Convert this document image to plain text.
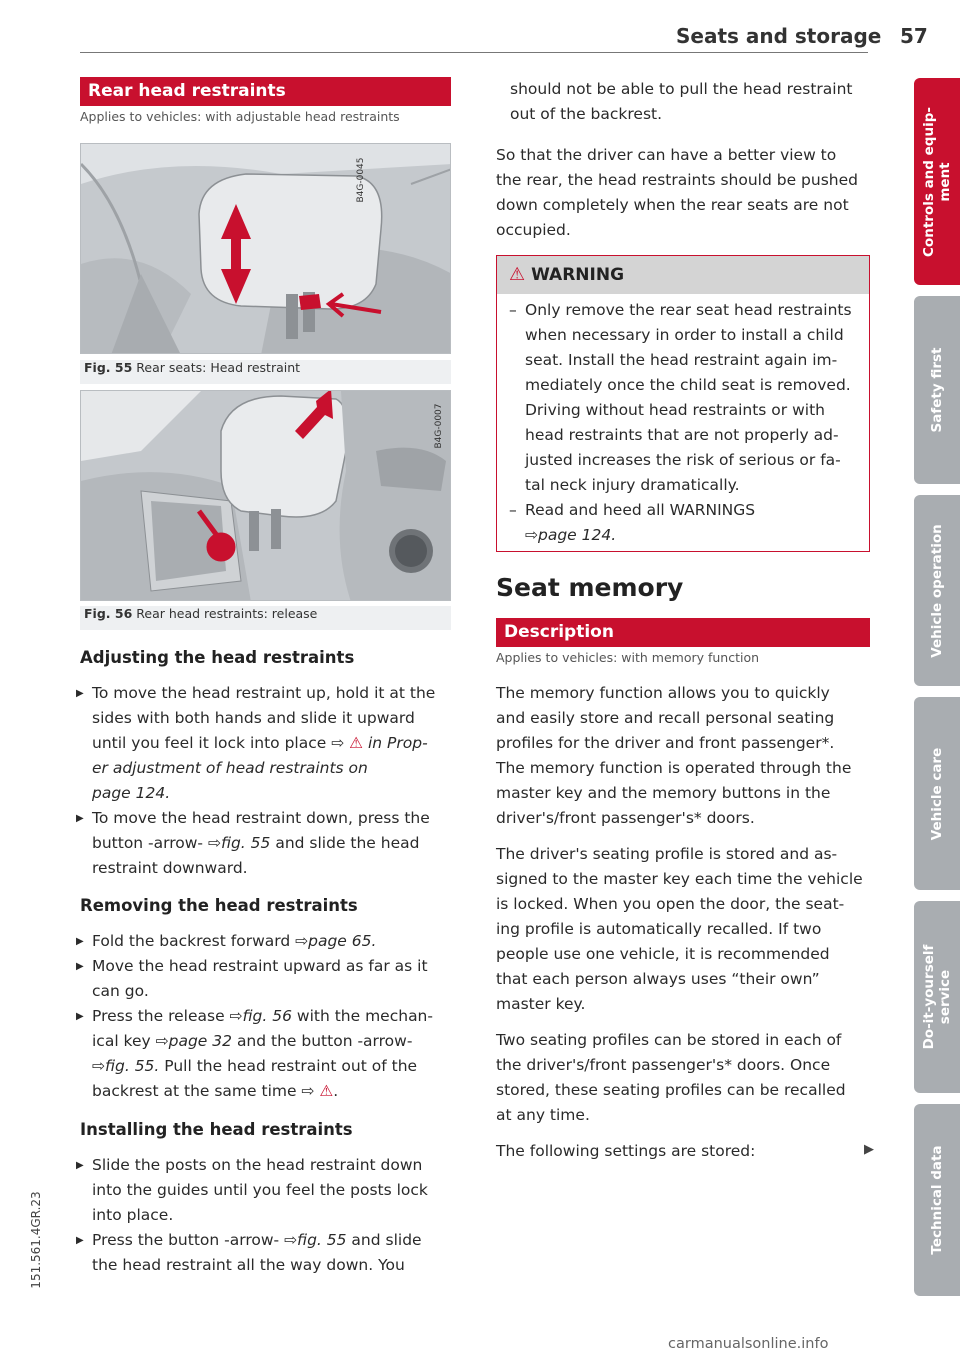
Seats and storage 57
Rear head restraints
Applies to vehicles: with adjustable head restraints
B4G-0045
Fig. 55 Rear seats: Head restraint
B4G-0007
Fig. 56 Rear head restraints: release
Adjusting the head restraints
▶ To move the head restraint up, hold it at the
sides with both hands and slide it upward
until you feel it lock into place ⇨ ⚠ in Prop-
er adjustment of head restraints on
page 124.
▶ To move the head restraint down, press the
button -arrow- ⇨fig. 55 and slide the head
restraint downward.
Removing the head restraints
▶ Fold the backrest forward ⇨page 65.
▶ Move the head restraint upward as far as it
can go.
▶ Press the release ⇨fig. 56 with the mechan-
ical key ⇨page 32 and the button -arrow-
⇨fig. 55. Pull the head restraint out of the
backrest at the same time ⇨ ⚠.
Installing the head restraints
▶ Slide the posts on the head restraint down
into the guides until you feel the posts lock
into place.
▶ Press the button -arrow- ⇨fig. 55 and slide
the head restraint all the way down. You
should not be able to pull the head restraint
out of the backrest.
So that the driver can have a better view to
the rear, the head restraints should be pushed
down completely when the rear seats are not
occupied.
⚠ WARNING
– Only remove the rear seat head restraints
when necessary in order to install a child
seat. Install the head restraint again im-
mediately once the child seat is removed.
Driving without head restraints or with
head restraints that are not properly ad-
justed increases the risk of serious or fa-
tal neck injury dramatically.
– Read and heed all WARNINGS
⇨page 124.
Seat memory
Description
Applies to vehicles: with memory function
The memory function allows you to quickly
and easily store and recall personal seating
profiles for the driver and front passenger*.
The memory function is operated through the
master key and the memory buttons in the
driver's/front passenger's* doors.
The driver's seating profile is stored and as-
signed to the master key each time the vehicle
is locked. When you open the door, the seat-
ing profile is automatically recalled. If two
people use one vehicle, it is recommended
that each person always uses “their own”
master key.
Two seating profiles can be stored in each of
the driver's/front passenger's* doors. Once
stored, these seating profiles can be recalled
at any time.
The following settings are stored:	▶
Controls and equip- ment
Safety first
Vehicle operation
Vehicle care
Do-it-yourself service
Technical data
151.561.4GR.23
carmanualsonline.info
